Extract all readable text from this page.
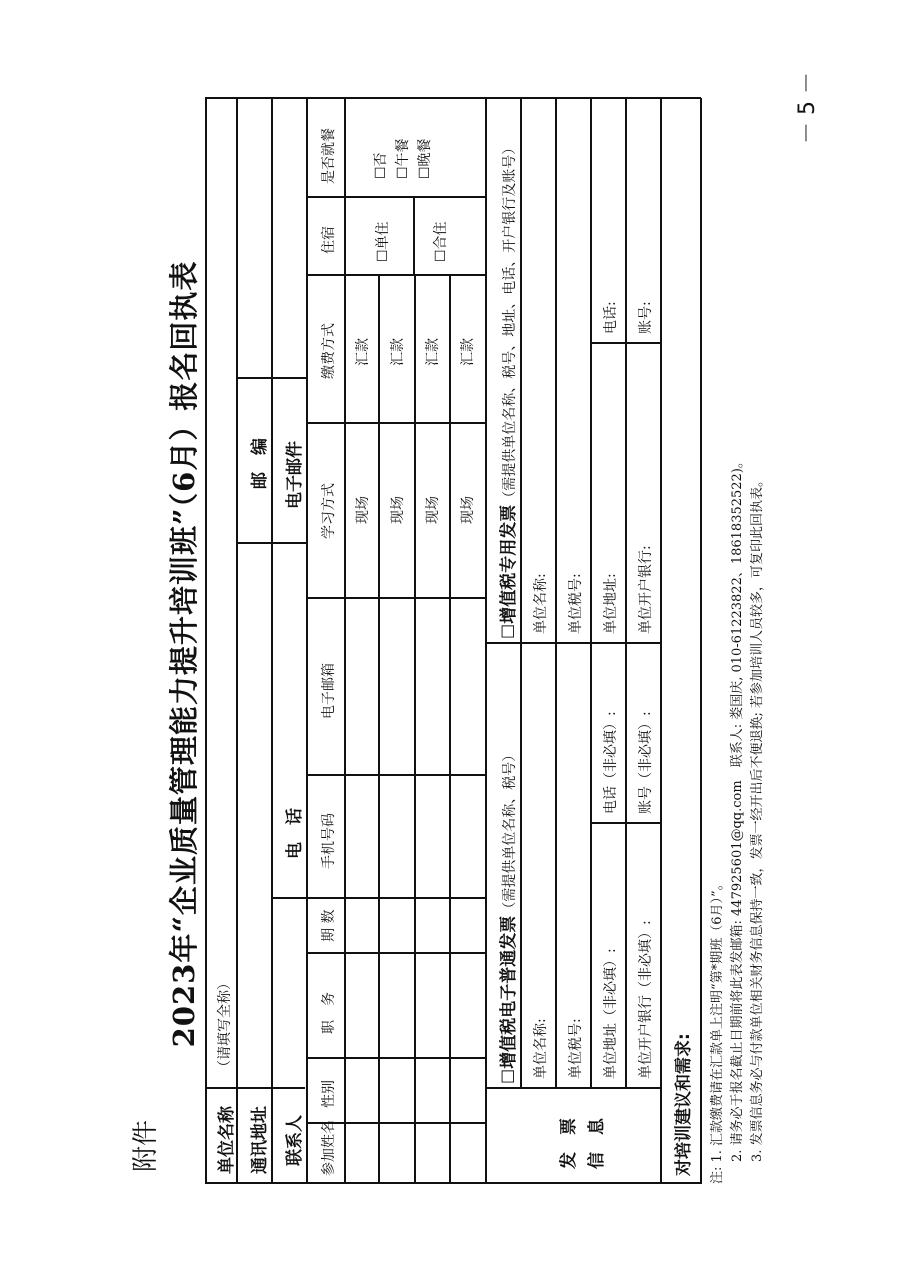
附件
2023年“企业质量管理能力提升培训班”（6月）报名回执表
－ 5 －
单位名称
（请填写全称）
通讯地址
邮　编
联系人
电　话
电子邮件
参加姓名
性别
职　务
期 数
手机号码
电子邮箱
学习方式
缴费方式
住宿
是否就餐
现场
汇款
现场
汇款
现场
汇款
现场
汇款
☐ 单住	☐ 合住
☐ 否 ☐ 午餐 ☐ 晚餐
发　票
信　息
☐ 增值税电子普通发票（需提供单位名称、税号）
☐ 增值税专用发票（需提供单位名称、税号、地址、电话、开户银行及账号）
单位名称: 单位税号: 单位地址（非必填）:
电话（非必填）:
单位开户银行（非必填）:
账号（非必填）:
单位名称: 单位税号: 单位地址:
电话:
单位开户银行:
账号:
对培训建议和需求:	注: 1. 汇款缴费请在汇款单上注明“第*期班（6月）”。 2. 请务必于报名截止日期前将此表发邮箱: 447925601@qq.com　联系人: 娄国庆, 010-61223822、18618352522)。 3. 发票信息务必与付款单位相关财务信息保持一致，发票一经开出后不便退换; 若参加培训人员较多，可复印此回执表。
